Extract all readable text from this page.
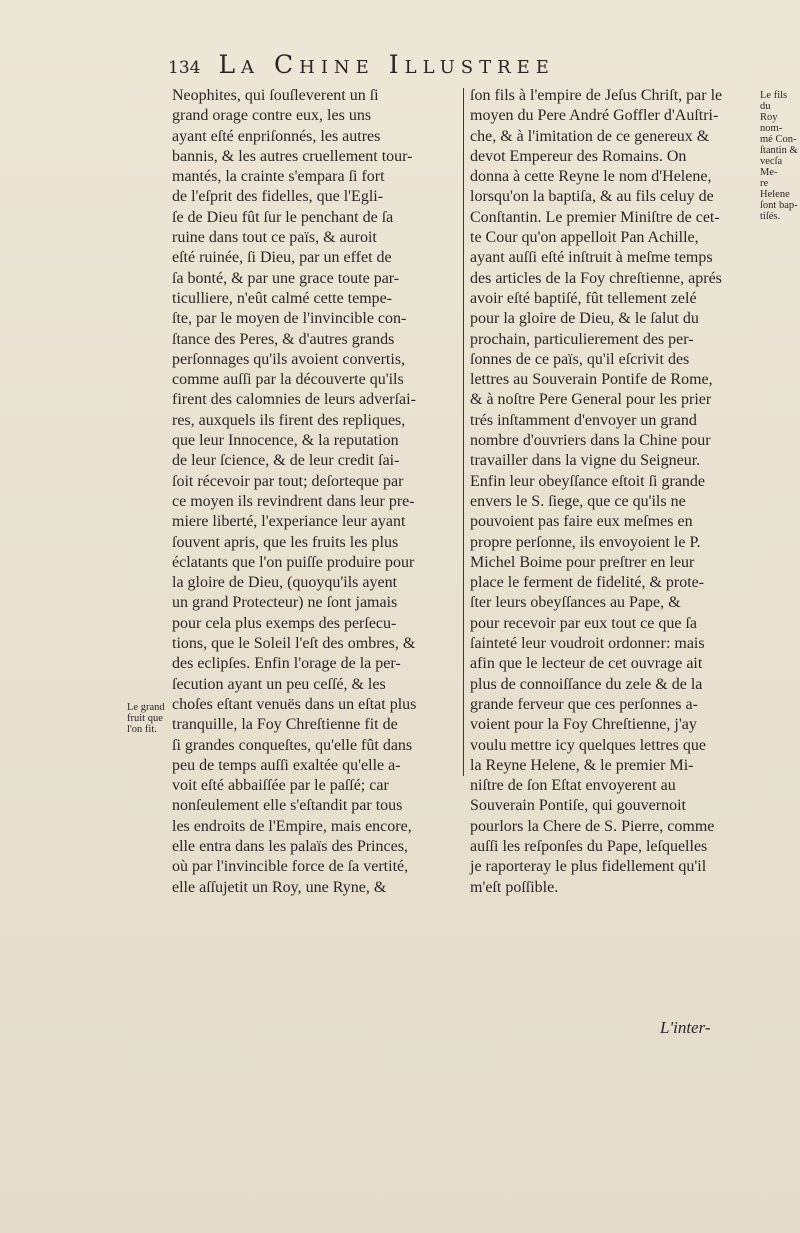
134 La Chine Illustree
Neophites, qui ſouſleverent un ſi
grand orage contre eux, les uns
ayant eſté enpriſonnés, les autres
bannis, & les autres cruellement tour-
mantés, la crainte s'empara ſi fort
de l'eſprit des fidelles, que l'Egli-
ſe de Dieu fût ſur le penchant de ſa
ruine dans tout ce païs, & auroit
eſté ruinée, ſi Dieu, par un effet de
ſa bonté, & par une grace toute par-
ticulliere, n'eût calmé cette tempe-
ſte, par le moyen de l'invincible con-
ſtance des Peres, & d'autres grands
perſonnages qu'ils avoient convertis,
comme auſſi par la découverte qu'ils
firent des calomnies de leurs adverſai-
res, auxquels ils firent des repliques,
que leur Innocence, & la reputation
de leur ſcience, & de leur credit ſai-
ſoit récevoir par tout; deſorteque par
ce moyen ils revindrent dans leur pre-
miere liberté, l'experiance leur ayant
ſouvent apris, que les fruits les plus
éclatants que l'on puiſſe produire pour
la gloire de Dieu, (quoyqu'ils ayent
un grand Protecteur) ne ſont jamais
pour cela plus exemps des perſecu-
tions, que le Soleil l'eſt des ombres, &
des eclipſes. Enfin l'orage de la per-
ſecution ayant un peu ceſſé, & les
choſes eſtant venuës dans un eſtat plus
tranquille, la Foy Chreſtienne fit de
ſi grandes conqueſtes, qu'elle fût dans
peu de temps auſſi exaltée qu'elle a-
voit eſté abbaiſſée par le paſſé; car
nonſeulement elle s'eſtandit par tous
les endroits de l'Empire, mais encore,
elle entra dans les palaïs des Princes,
où par l'invincible force de ſa vertité,
elle aſſujetit un Roy, une Ryne, &
ſon fils à l'empire de Jeſus Chriſt, par le
moyen du Pere André Goffler d'Auſtri-
che, & à l'imitation de ce genereux &
devot Empereur des Romains. On
donna à cette Reyne le nom d'Helene,
lorsqu'on la baptiſa, & au fils celuy de
Conſtantin. Le premier Miniſtre de cet-
te Cour qu'on appelloit Pan Achille,
ayant auſſi eſté inſtruit à meſme temps
des articles de la Foy chreſtienne, aprés
avoir eſté baptiſé, fût tellement zelé
pour la gloire de Dieu, & le ſalut du
prochain, particulierement des per-
ſonnes de ce païs, qu'il eſcrivit des
lettres au Souverain Pontife de Rome,
& à noſtre Pere General pour les prier
trés inſtamment d'envoyer un grand
nombre d'ouvriers dans la Chine pour
travailler dans la vigne du Seigneur.
Enfin leur obeyſſance eſtoit ſi grande
envers le S. ſiege, que ce qu'ils ne
pouvoient pas faire eux meſmes en
propre perſonne, ils envoyoient le P.
Michel Boime pour preſtrer en leur
place le ferment de fidelité, & prote-
ſter leurs obeyſſances au Pape, &
pour recevoir par eux tout ce que ſa
ſainteté leur voudroit ordonner: mais
afin que le lecteur de cet ouvrage ait
plus de connoiſſance du zele & de la
grande ferveur que ces perſonnes a-
voient pour la Foy Chreſtienne, j'ay
voulu mettre icy quelques lettres que
la Reyne Helene, & le premier Mi-
niſtre de ſon Eſtat envoyerent au
Souverain Pontiſe, qui gouvernoit
pourlors la Chere de S. Pierre, comme
auſſi les reſponſes du Pape, leſquelles
je raporteray le plus fidellement qu'il
m'eſt poſſible.
Le grand
fruit que
l'on fit.
Le fils du
Roy nom-
mé Con-
ſtantin &
vecſa Me-
re Helene
ſont bap-
tiſés.
L'inter-
